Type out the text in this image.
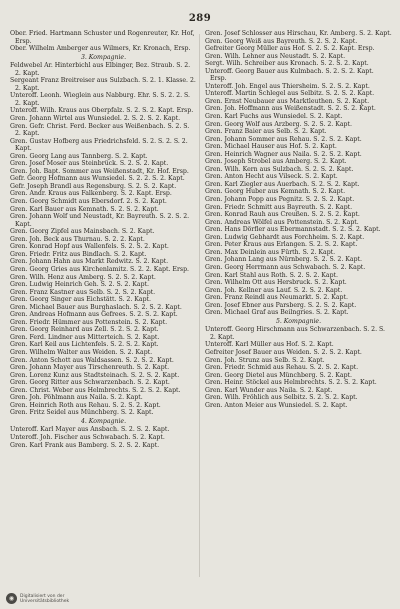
289

Ober. Fried. Hartmann Schuster und Rogenreuter, Kr. Hof, Ersp.

Ober. Wilhelm Amberger aus Wilmers, Kr. Kronach, Ersp.

3. Kompagnie.

Feldwebel Ar. Hinterbichl aus Elbinger, Bez. Straub. S. 2. 2. Kapt.

Sergeant Franz Breitreiser aus Sulzbach. S. 2. 1. Klasse. 2. 2. Kapt.

Unteroff. Leonh. Wieglein aus Nabburg. Ehr. S. S. 2. 2. S. 2. Kapt.

Unteroff. Wilh. Kraus aus Oberpfalz. S. 2. S. 2. Kapt. Ersp.

Gren. Johann Wirtel aus Wunsiedel. 2. S. 2. S. 2. Kapt.

Gren. Gefr. Christ. Ferd. Becker aus Weißenbach. S. 2. S. 2. Kapt.

Gren. Gustav Hofberg aus Friedrichsfeld. S. 2. S. 2. S. 2. Kapt.

Gren. Georg Lang aus Tannberg. S. 2. Kapt.

Gren. Josef Moser aus Steinbrück. S. 2. S. 2. Kapt.

Gren. Joh. Bapt. Sommer aus Weißenstadt, Kr. Hof. Ersp.

Gefr. Georg Hofmann aus Wunsiedel. S. 2. 2. S. 2. Kapt.

Gefr. Joseph Brandl aus Regensburg. S. 2. S. 2. Kapt.

Gren. Andr. Kraus aus Falkenberg. S. 2. Kapt. Ersp.

Gren. Georg Schmidt aus Ebersdorf. 2. S. 2. Kapt.

Gren. Karl Bauer aus Kemnath. S. 2. S. 2. Kapt.

Gren. Johann Wolf und Neustadt, Kr. Bayreuth. S. 2. S. 2. Kapt.

Gren. Georg Zipfel aus Mainsbach. S. 2. Kapt.

Gren. Joh. Beck aus Thurnau. S. 2. 2. Kapt.

Gren. Konrad Hopf aus Wallenfels. S. 2. S. 2. Kapt.

Gren. Friedr. Fritz aus Bindlach. S. 2. Kapt.

Gren. Johann Hahn aus Markt Redwitz. S. 2. Kapt.

Gren. Georg Gries aus Kirchenlamitz. S. 2. 2. Kapt. Ersp.

Gren. Wilh. Henz aus Amberg. S. 2. S. 2. Kapt.

Gren. Ludwig Heinrich Geh. S. 2. S. 2. Kapt.

Gren. Franz Kastner aus Selb. S. 2. S. 2. Kapt.

Gren. Georg Singer aus Eichstätt. S. 2. Kapt.

Gren. Michael Bauer aus Burghaslach. S. 2. S. 2. Kapt.

Gren. Andreas Hofmann aus Gefrees. S. 2. S. 2. Kapt.

Gren. Friedr. Hümmer aus Pottenstein. S. 2. Kapt.

Gren. Georg Reinhard aus Zell. S. 2. S. 2. Kapt.

Gren. Ferd. Lindner aus Mitterteich. S. 2. Kapt.

Gren. Karl Keil aus Lichtenfels. S. 2. S. 2. Kapt.

Gren. Wilhelm Walter aus Weiden. S. 2. Kapt.

Gren. Anton Schott aus Waldsassen. S. 2. S. 2. Kapt.

Gren. Johann Mayer aus Tirschenreuth. S. 2. Kapt.

Gren. Lorenz Kunz aus Stadtsteinach. S. 2. S. 2. Kapt.

Gren. Georg Ritter aus Schwarzenbach. S. 2. Kapt.

Gren. Christ. Weber aus Helmbrechts. S. 2. S. 2. Kapt.

Gren. Joh. Pöhlmann aus Naila. S. 2. Kapt.

Gren. Heinrich Roth aus Rehau. S. 2. S. 2. Kapt.

Gren. Fritz Seidel aus Münchberg. S. 2. Kapt.

4. Kompagnie.

Unteroff. Karl Mayer aus Ansbach. S. 2. S. 2. Kapt.

Unteroff. Joh. Fischer aus Schwabach. S. 2. Kapt.

Gren. Karl Frank aus Bamberg. S. 2. S. 2. Kapt.

Gren. Josef Schlosser aus Hirschau, Kr. Amberg. S. 2. Kapt.

Gren. Georg Weiß aus Bayreuth. S. 2. S. 2. Kapt.

Gefreiter Georg Müller aus Hof. S. 2. S. 2. Kapt. Ersp.

Gren. Wilh. Lehner aus Neustadt. S. 2. Kapt.

Sergt. Wilh. Schreiber aus Kronach. S. 2. S. 2. Kapt.

Unteroff. Georg Bauer aus Kulmbach. S. 2. S. 2. Kapt. Ersp.

Unteroff. Joh. Engel aus Thiersheim. S. 2. S. 2. Kapt.

Unteroff. Martin Schlegel aus Selbitz. S. 2. S. 2. Kapt.

Gren. Ernst Neubauer aus Marktleuthen. S. 2. Kapt.

Gren. Joh. Hoffmann aus Weißenstadt. S. 2. S. 2. Kapt.

Gren. Karl Fuchs aus Wunsiedel. S. 2. Kapt.

Gren. Georg Wolf aus Arzberg. S. 2. S. 2. Kapt.

Gren. Franz Baier aus Selb. S. 2. Kapt.

Gren. Johann Sommer aus Rehau. S. 2. S. 2. Kapt.

Gren. Michael Hauser aus Hof. S. 2. Kapt.

Gren. Heinrich Wagner aus Naila. S. 2. S. 2. Kapt.

Gren. Joseph Strobel aus Amberg. S. 2. Kapt.

Gren. Wilh. Kern aus Sulzbach. S. 2. S. 2. Kapt.

Gren. Anton Hecht aus Vilseck. S. 2. Kapt.

Gren. Karl Ziegler aus Auerbach. S. 2. S. 2. Kapt.

Gren. Georg Huber aus Kemnath. S. 2. Kapt.

Gren. Johann Popp aus Pegnitz. S. 2. S. 2. Kapt.

Gren. Friedr. Schmitt aus Bayreuth. S. 2. Kapt.

Gren. Konrad Rauh aus Creußen. S. 2. S. 2. Kapt.

Gren. Andreas Wölfel aus Pottenstein. S. 2. Kapt.

Gren. Hans Dörfler aus Ebermannstadt. S. 2. S. 2. Kapt.

Gren. Ludwig Gebhardt aus Forchheim. S. 2. Kapt.

Gren. Peter Kraus aus Erlangen. S. 2. S. 2. Kapt.

Gren. Max Deinlein aus Fürth. S. 2. Kapt.

Gren. Johann Lang aus Nürnberg. S. 2. S. 2. Kapt.

Gren. Georg Herrmann aus Schwabach. S. 2. Kapt.

Gren. Karl Stahl aus Roth. S. 2. S. 2. Kapt.

Gren. Wilhelm Ott aus Hersbruck. S. 2. Kapt.

Gren. Joh. Kellner aus Lauf. S. 2. S. 2. Kapt.

Gren. Franz Reindl aus Neumarkt. S. 2. Kapt.

Gren. Josef Ebner aus Parsberg. S. 2. S. 2. Kapt.

Gren. Michael Graf aus Beilngries. S. 2. Kapt.

5. Kompagnie.

Unteroff. Georg Hirschmann aus Schwarzenbach. S. 2. S. 2. Kapt.

Unteroff. Karl Müller aus Hof. S. 2. Kapt.

Gefreiter Josef Bauer aus Weiden. S. 2. S. 2. Kapt.

Gren. Joh. Strunz aus Selb. S. 2. Kapt.

Gren. Friedr. Schmid aus Rehau. S. 2. S. 2. Kapt.

Gren. Georg Dietel aus Münchberg. S. 2. Kapt.

Gren. Heinr. Stöckel aus Helmbrechts. S. 2. S. 2. Kapt.

Gren. Karl Wunder aus Naila. S. 2. Kapt.

Gren. Wilh. Fröhlich aus Selbitz. S. 2. S. 2. Kapt.

Gren. Anton Meier aus Wunsiedel. S. 2. Kapt.

◉	Digitalisiert von der
Universitätsbibliothek
